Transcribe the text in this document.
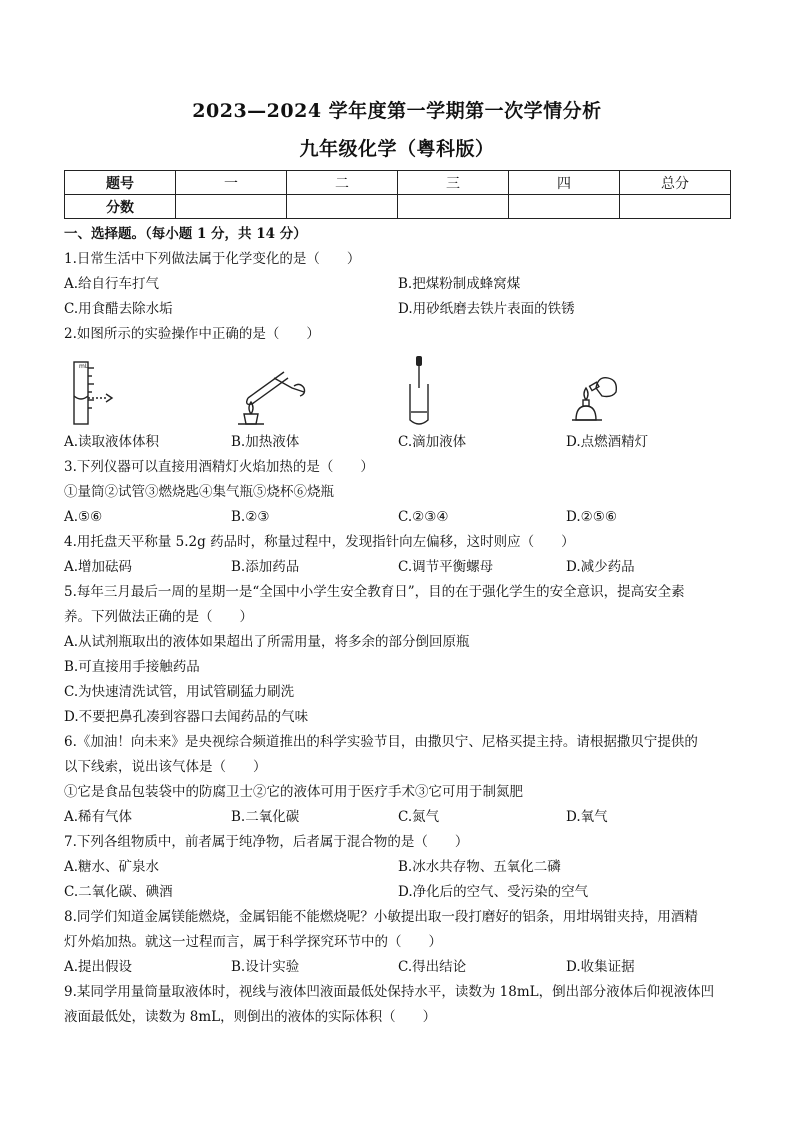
2023—2024 学年度第一学期第一次学情分析
九年级化学（粤科版）
题号	一	二	三	四	总分
分数					
一、选择题。（每小题 1 分，共 14 分）
1.日常生活中下列做法属于化学变化的是（　　）
A.给自行车打气	B.把煤粉制成蜂窝煤
C.用食醋去除水垢	D.用砂纸磨去铁片表面的铁锈
2.如图所示的实验操作中正确的是（　　）
mL
A.读取液体体积	B.加热液体	C.滴加液体	D.点燃酒精灯
3.下列仪器可以直接用酒精灯火焰加热的是（　　）
①量筒②试管③燃烧匙④集气瓶⑤烧杯⑥烧瓶
A.⑤⑥	B.②③	C.②③④	D.②⑤⑥
4.用托盘天平称量 5.2g 药品时，称量过程中，发现指针向左偏移，这时则应（　　）
A.增加砝码	B.添加药品	C.调节平衡螺母	D.减少药品
5.每年三月最后一周的星期一是“全国中小学生安全教育日”，目的在于强化学生的安全意识，提高安全素
养。下列做法正确的是（　　）
A.从试剂瓶取出的液体如果超出了所需用量，将多余的部分倒回原瓶
B.可直接用手接触药品
C.为快速清洗试管，用试管刷猛力刷洗
D.不要把鼻孔凑到容器口去闻药品的气味
6.《加油！向未来》是央视综合频道推出的科学实验节目，由撒贝宁、尼格买提主持。请根据撒贝宁提供的
以下线索，说出该气体是（　　）
①它是食品包装袋中的防腐卫士②它的液体可用于医疗手术③它可用于制氮肥
A.稀有气体	B.二氧化碳	C.氮气	D.氧气
7.下列各组物质中，前者属于纯净物，后者属于混合物的是（　　）
A.糖水、矿泉水	B.冰水共存物、五氧化二磷
C.二氧化碳、碘酒	D.净化后的空气、受污染的空气
8.同学们知道金属镁能燃烧，金属铝能不能燃烧呢？小敏提出取一段打磨好的铝条，用坩埚钳夹持，用酒精
灯外焰加热。就这一过程而言，属于科学探究环节中的（　　）
A.提出假设	B.设计实验	C.得出结论	D.收集证据
9.某同学用量筒量取液体时，视线与液体凹液面最低处保持水平，读数为 18mL，倒出部分液体后仰视液体凹
液面最低处，读数为 8mL，则倒出的液体的实际体积（　　）
